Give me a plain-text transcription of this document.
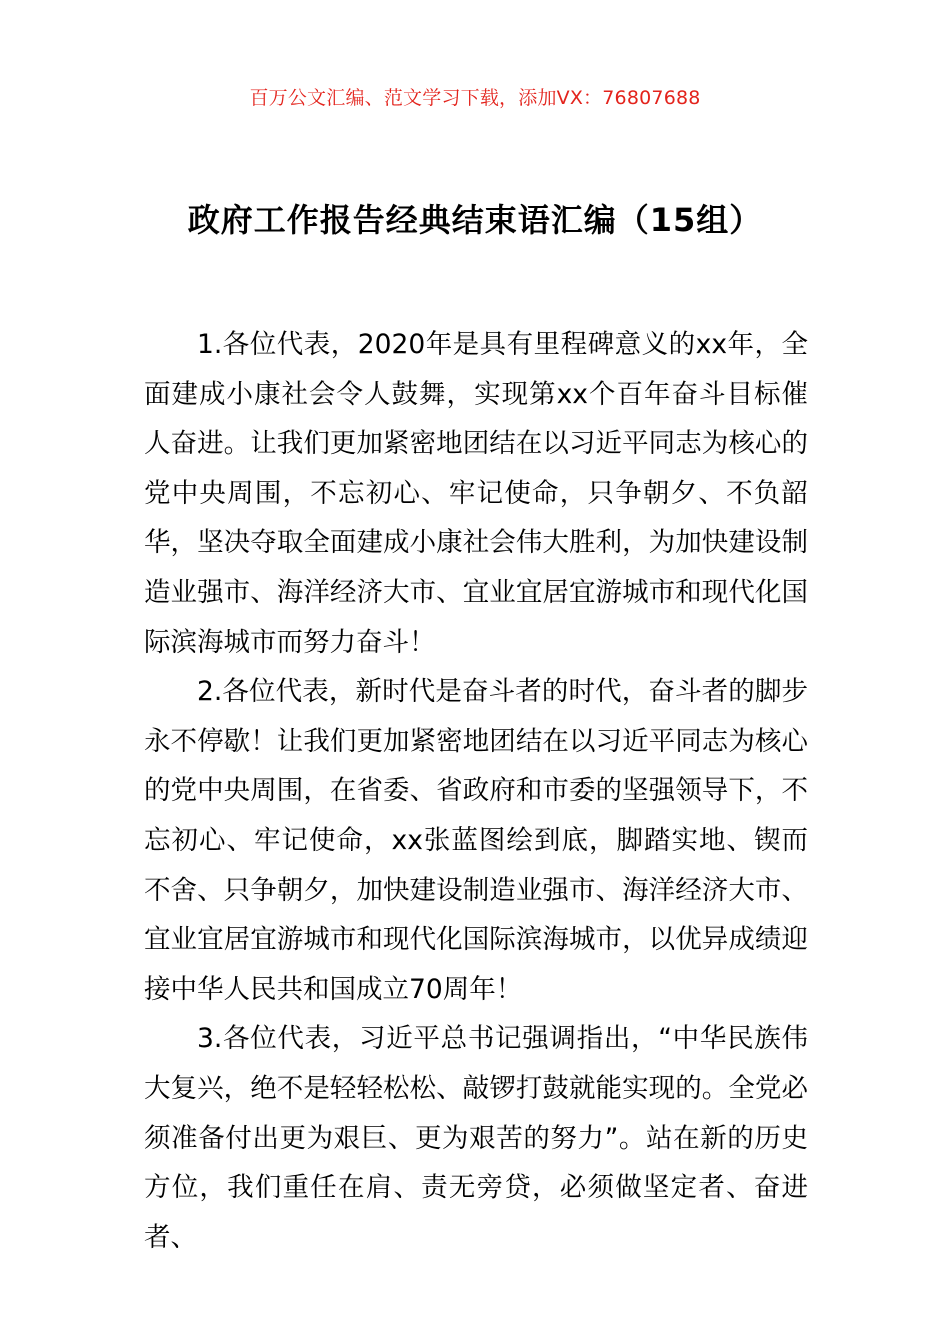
百万公文汇编、范文学习下载，添加VX：76807688
政府工作报告经典结束语汇编（15组）

1.各位代表，2020年是具有里程碑意义的xx年，全面建成小康社会令人鼓舞，实现第xx个百年奋斗目标催人奋进。让我们更加紧密地团结在以习近平同志为核心的党中央周围，不忘初心、牢记使命，只争朝夕、不负韶华，坚决夺取全面建成小康社会伟大胜利，为加快建设制造业强市、海洋经济大市、宜业宜居宜游城市和现代化国际滨海城市而努力奋斗！

2.各位代表，新时代是奋斗者的时代，奋斗者的脚步永不停歇！让我们更加紧密地团结在以习近平同志为核心的党中央周围，在省委、省政府和市委的坚强领导下，不忘初心、牢记使命，xx张蓝图绘到底，脚踏实地、锲而不舍、只争朝夕，加快建设制造业强市、海洋经济大市、宜业宜居宜游城市和现代化国际滨海城市，以优异成绩迎接中华人民共和国成立70周年！

3.各位代表，习近平总书记强调指出，“中华民族伟大复兴，绝不是轻轻松松、敲锣打鼓就能实现的。全党必须准备付出更为艰巨、更为艰苦的努力”。站在新的历史方位，我们重任在肩、责无旁贷，必须做坚定者、奋进者、
